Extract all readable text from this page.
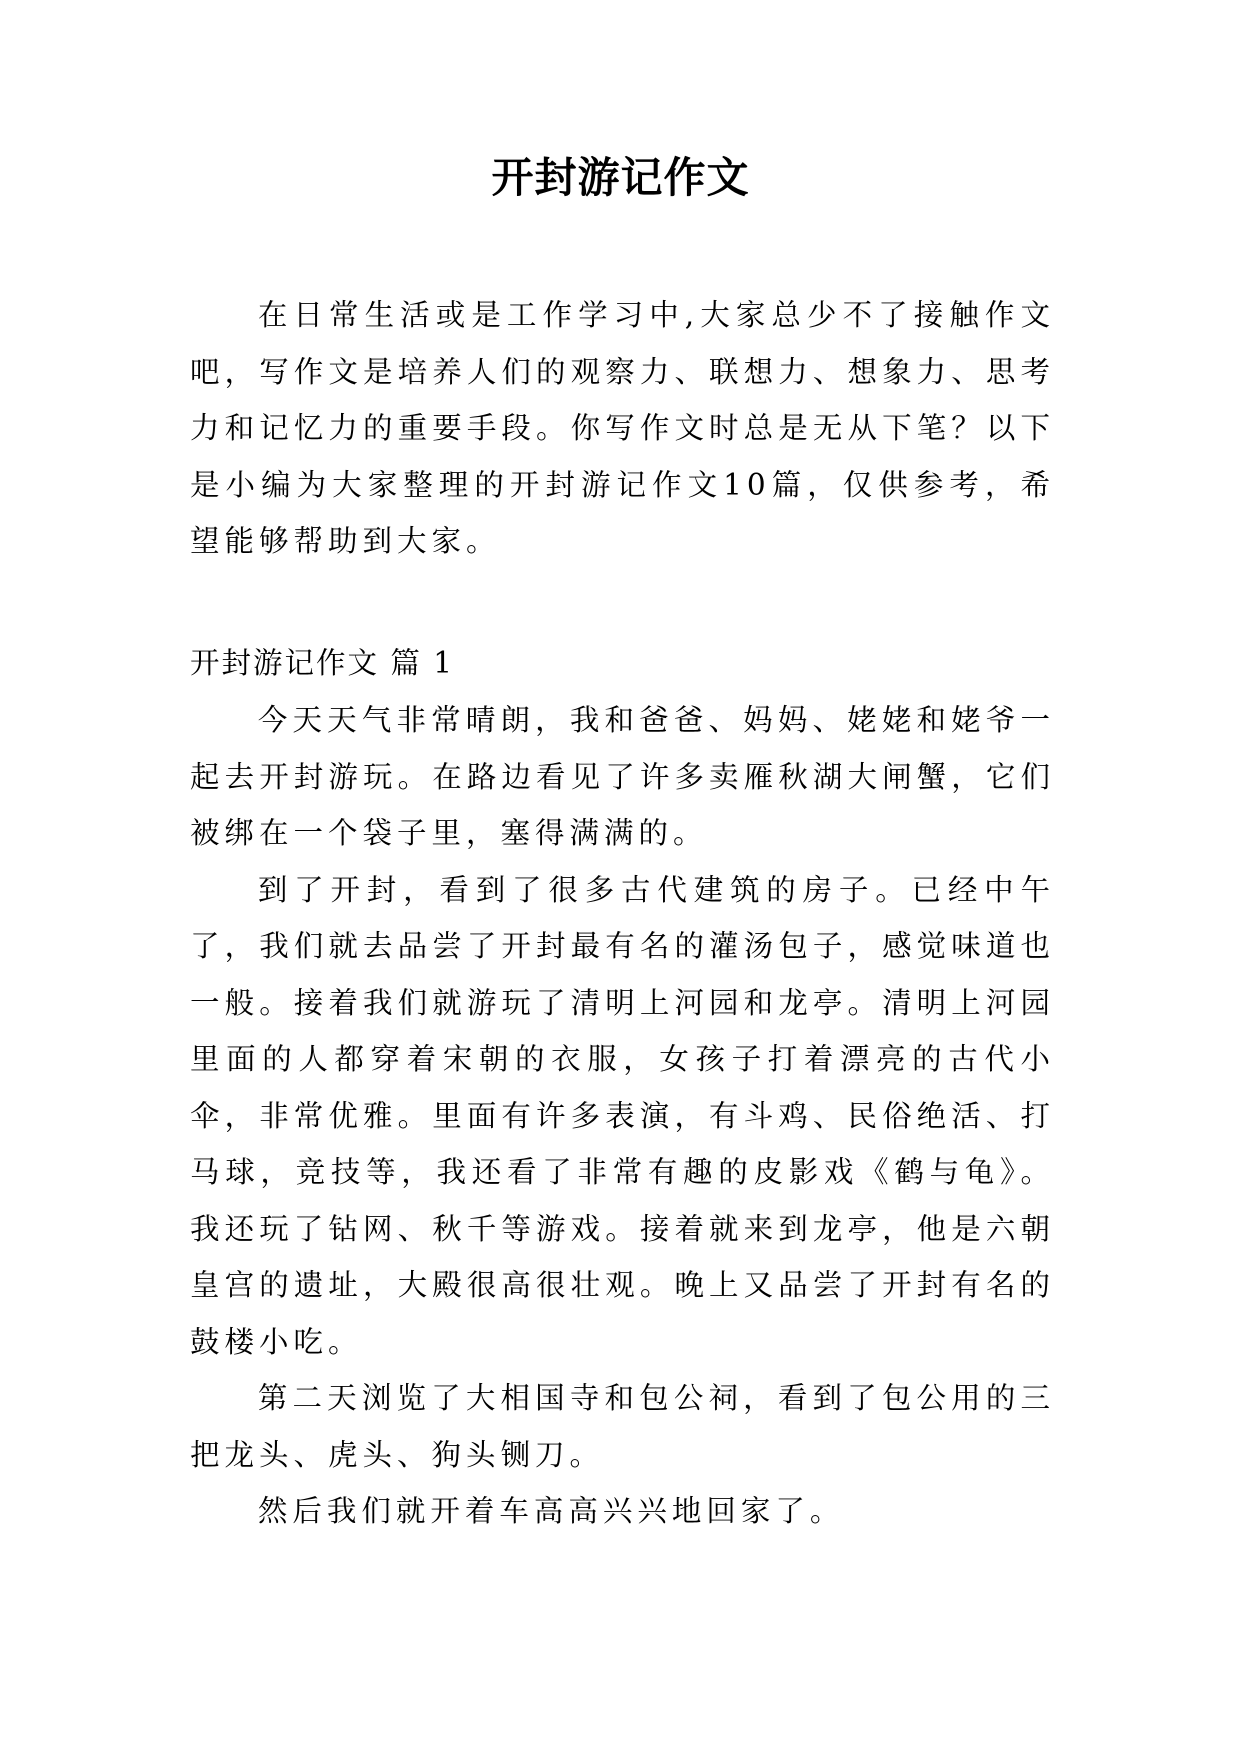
开封游记作文

在日常生活或是工作学习中,大家总少不了接触作文吧，写作文是培养人们的观察力、联想力、想象力、思考力和记忆力的重要手段。你写作文时总是无从下笔？以下是小编为大家整理的开封游记作文10篇，仅供参考，希望能够帮助到大家。

开封游记作文 篇 1

今天天气非常晴朗，我和爸爸、妈妈、姥姥和姥爷一起去开封游玩。在路边看见了许多卖雁秋湖大闸蟹，它们被绑在一个袋子里，塞得满满的。

到了开封，看到了很多古代建筑的房子。已经中午了，我们就去品尝了开封最有名的灌汤包子，感觉味道也一般。接着我们就游玩了清明上河园和龙亭。清明上河园里面的人都穿着宋朝的衣服，女孩子打着漂亮的古代小伞，非常优雅。里面有许多表演，有斗鸡、民俗绝活、打马球，竞技等，我还看了非常有趣的皮影戏《鹤与龟》。我还玩了钻网、秋千等游戏。接着就来到龙亭，他是六朝皇宫的遗址，大殿很高很壮观。晚上又品尝了开封有名的鼓楼小吃。

第二天浏览了大相国寺和包公祠，看到了包公用的三把龙头、虎头、狗头铡刀。

然后我们就开着车高高兴兴地回家了。
